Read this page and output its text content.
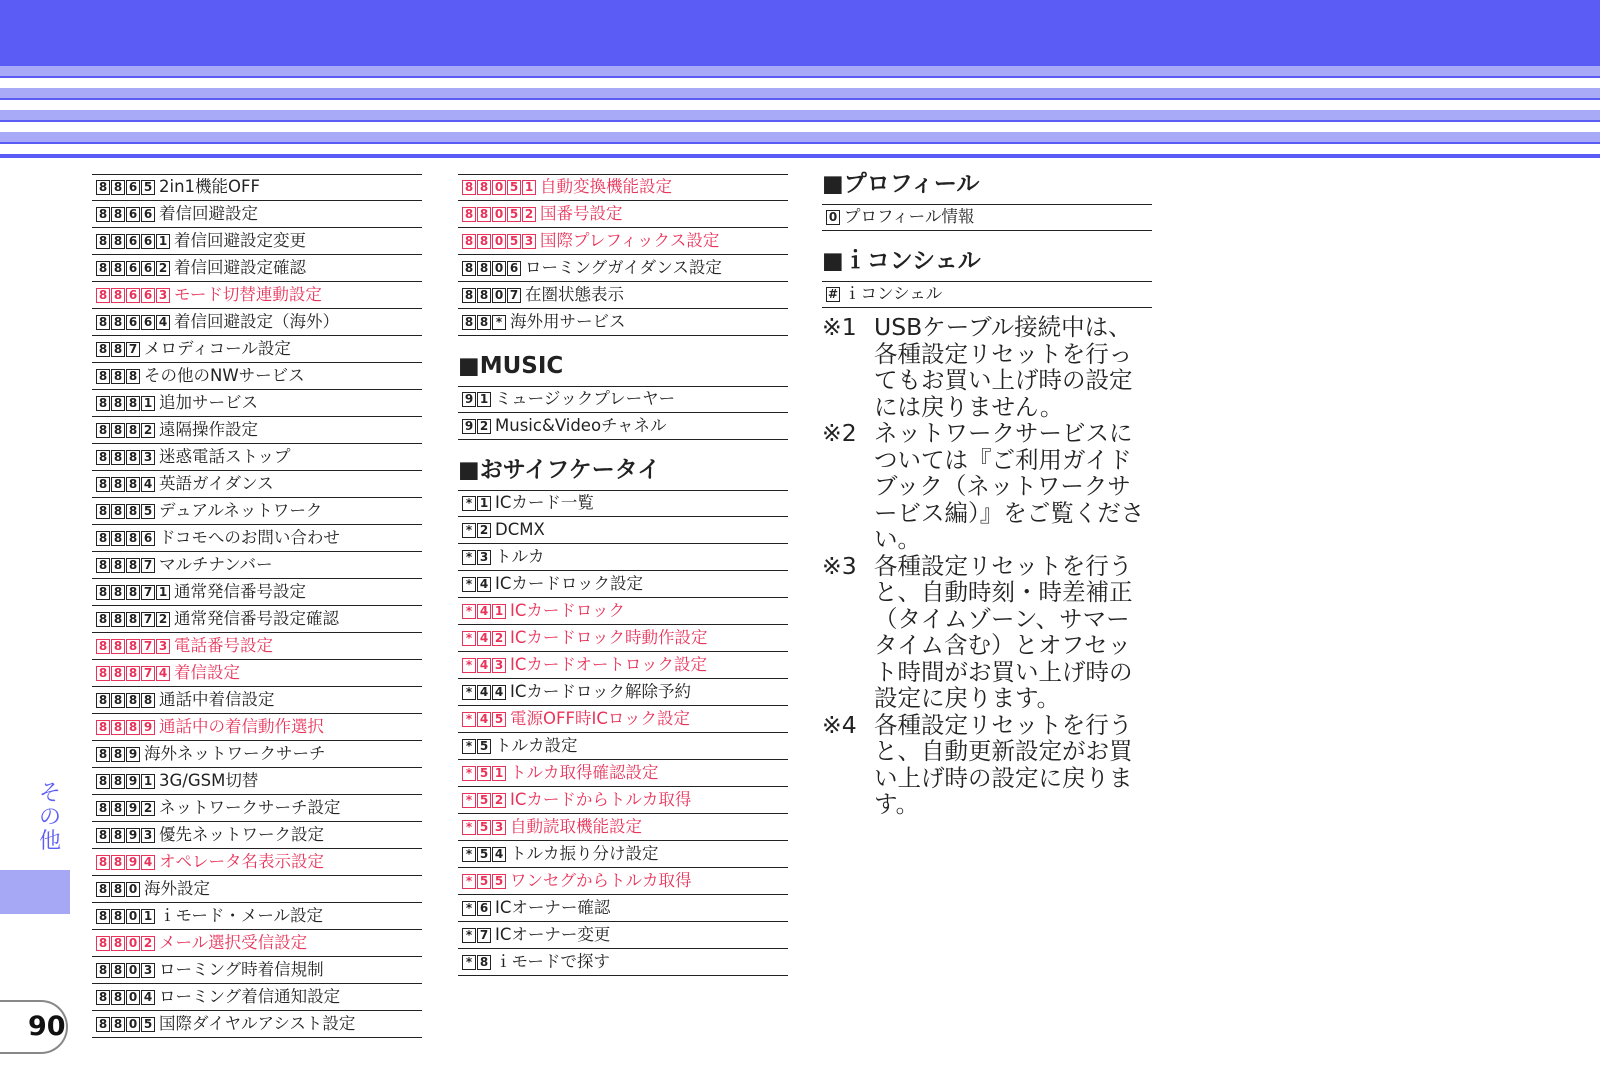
8 8 6 5 2in1機能OFF
8 8 6 6 着信回避設定
8 8 6 6 1 着信回避設定変更
8 8 6 6 2 着信回避設定確認
8 8 6 6 3 モード切替連動設定
8 8 6 6 4 着信回避設定（海外）
8 8 7 メロディコール設定
8 8 8 その他のNWサービス
8 8 8 1 追加サービス
8 8 8 2 遠隔操作設定
8 8 8 3 迷惑電話ストップ
8 8 8 4 英語ガイダンス
8 8 8 5 デュアルネットワーク
8 8 8 6 ドコモへのお問い合わせ
8 8 8 7 マルチナンバー
8 8 8 7 1 通常発信番号設定
8 8 8 7 2 通常発信番号設定確認
8 8 8 7 3 電話番号設定
8 8 8 7 4 着信設定
8 8 8 8 通話中着信設定
8 8 8 9 通話中の着信動作選択
8 8 9 海外ネットワークサーチ
8 8 9 1 3G/GSM切替
8 8 9 2 ネットワークサーチ設定
8 8 9 3 優先ネットワーク設定
8 8 9 4 オペレータ名表示設定
8 8 0 海外設定
8 8 0 1 ｉモード・メール設定
8 8 0 2 メール選択受信設定
8 8 0 3 ローミング時着信規制
8 8 0 4 ローミング着信通知設定
8 8 0 5 国際ダイヤルアシスト設定
8 8 0 5 1 自動変換機能設定
8 8 0 5 2 国番号設定
8 8 0 5 3 国際プレフィックス設定
8 8 0 6 ローミングガイダンス設定
8 8 0 7 在圏状態表示
8 8 * 海外用サービス
■MUSIC
9 1 ミュージックプレーヤー
9 2 Music&Videoチャネル
■おサイフケータイ
* 1 ICカード一覧
* 2 DCMX
* 3 トルカ
* 4 ICカードロック設定
* 4 1 ICカードロック
* 4 2 ICカードロック時動作設定
* 4 3 ICカードオートロック設定
* 4 4 ICカードロック解除予約
* 4 5 電源OFF時ICロック設定
* 5 トルカ設定
* 5 1 トルカ取得確認設定
* 5 2 ICカードからトルカ取得
* 5 3 自動読取機能設定
* 5 4 トルカ振り分け設定
* 5 5 ワンセグからトルカ取得
* 6 ICオーナー確認
* 7 ICオーナー変更
* 8 ｉモードで探す
■プロフィール
0 プロフィール情報
■ｉコンシェル
# ｉコンシェル
※1 USBケーブル接続中は、各種設定リセットを行ってもお買い上げ時の設定には戻りません。
※2 ネットワークサービスについては『ご利用ガイドブック（ネットワークサービス編）』をご覧ください。
※3 各種設定リセットを行うと、自動時刻・時差補正（タイムゾーン、サマータイム含む）とオフセット時間がお買い上げ時の設定に戻ります。
※4 各種設定リセットを行うと、自動更新設定がお買い上げ時の設定に戻ります。
その他
90
